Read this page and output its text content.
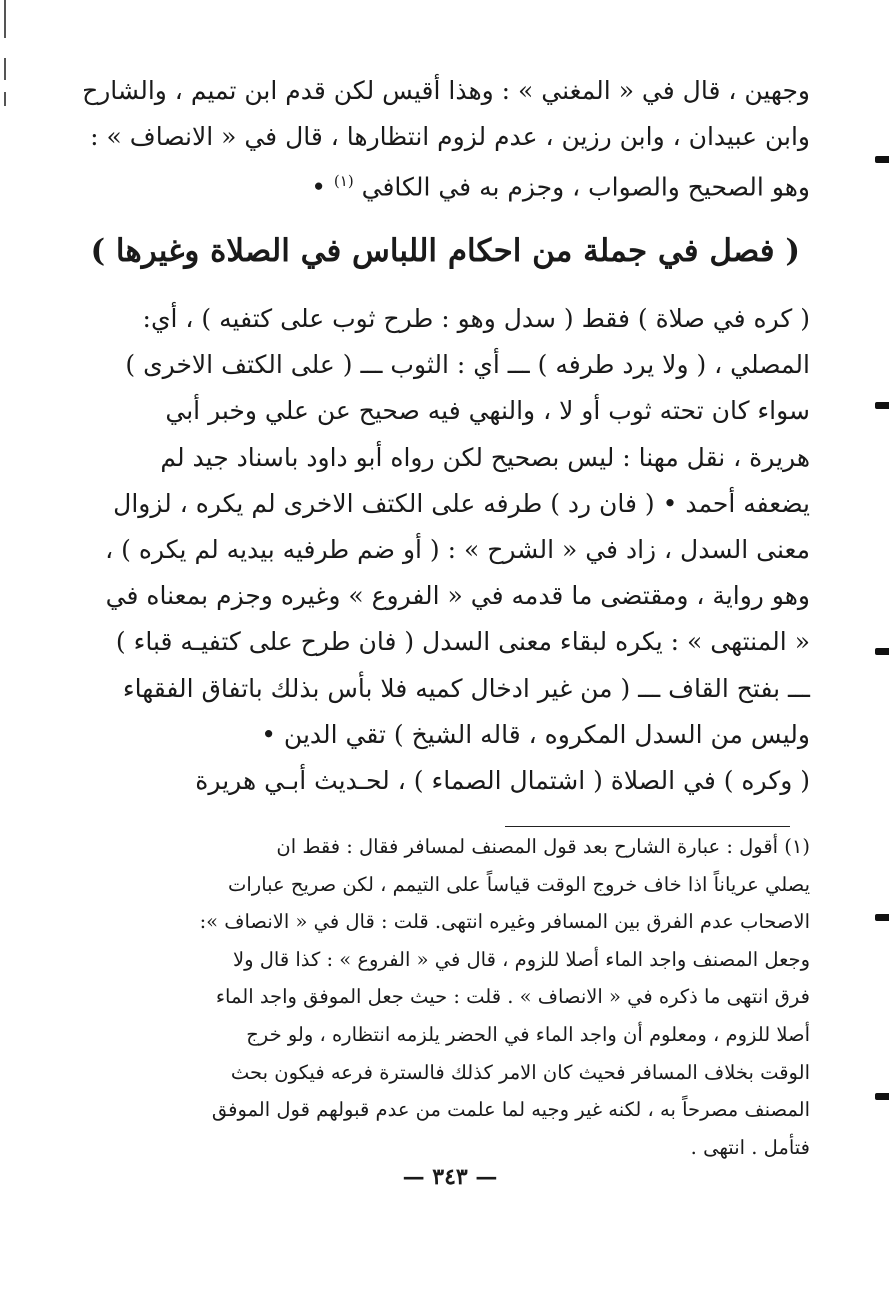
وجهين ، قال في « المغني » : وهذا أقيس لكن قدم ابن تميم ، والشارح
وابن عبيدان ، وابن رزين ، عدم لزوم انتظارها ، قال في « الانصاف » :
وهو الصحيح والصواب ، وجزم به في الكافي $^{(١)}$ •
( فصل في جملة من احكام اللباس في الصلاة وغيرها )
( كره في صلاة ) فقط ( سدل وهو : طرح ثوب على كتفيه ) ، أي:
المصلي ، ( ولا يرد طرفه ) ـــ أي : الثوب ـــ ( على الكتف الاخرى )
سواء كان تحته ثوب أو لا ، والنهي فيه صحيح عن علي وخبر أبي
هريرة ، نقل مهنا : ليس بصحيح لكن رواه أبو داود باسناد جيد لم
يضعفه أحمد • ( فان رد ) طرفه على الكتف الاخرى لم يكره ، لزوال
معنى السدل ، زاد في « الشرح » : ( أو ضم طرفيه بيديه لم يكره ) ،
وهو رواية ، ومقتضى ما قدمه في « الفروع » وغيره وجزم بمعناه في
« المنتهى » : يكره لبقاء معنى السدل ( فان طرح على كتفيـه قباء )
ـــ بفتح القاف ـــ ( من غير ادخال كميه فلا بأس بذلك باتفاق الفقهاء
وليس من السدل المكروه ، قاله الشيخ ) تقي الدين •
( وكره ) في الصلاة ( اشتمال الصماء ) ، لحـديث أبـي هريرة
(١) أقول : عبارة الشارح بعد قول المصنف لمسافر فقال : فقط ان
يصلي عرياناً اذا خاف خروج الوقت قياساً على التيمم ، لكن صريح عبارات
الاصحاب عدم الفرق بين المسافر وغيره انتهى. قلت : قال في « الانصاف »:
وجعل المصنف واجد الماء أصلا للزوم ، قال في « الفروع » : كذا قال ولا
فرق انتهى ما ذكره في « الانصاف » . قلت : حيث جعل الموفق واجد الماء
أصلا للزوم ، ومعلوم أن واجد الماء في الحضر يلزمه انتظاره ، ولو خرج
الوقت بخلاف المسافر فحيث كان الامر كذلك فالسترة فرعه فيكون بحث
المصنف مصرحاً به ، لكنه غير وجيه لما علمت من عدم قبولهم قول الموفق
فتأمل . انتهى .
— ٣٤٣ —
